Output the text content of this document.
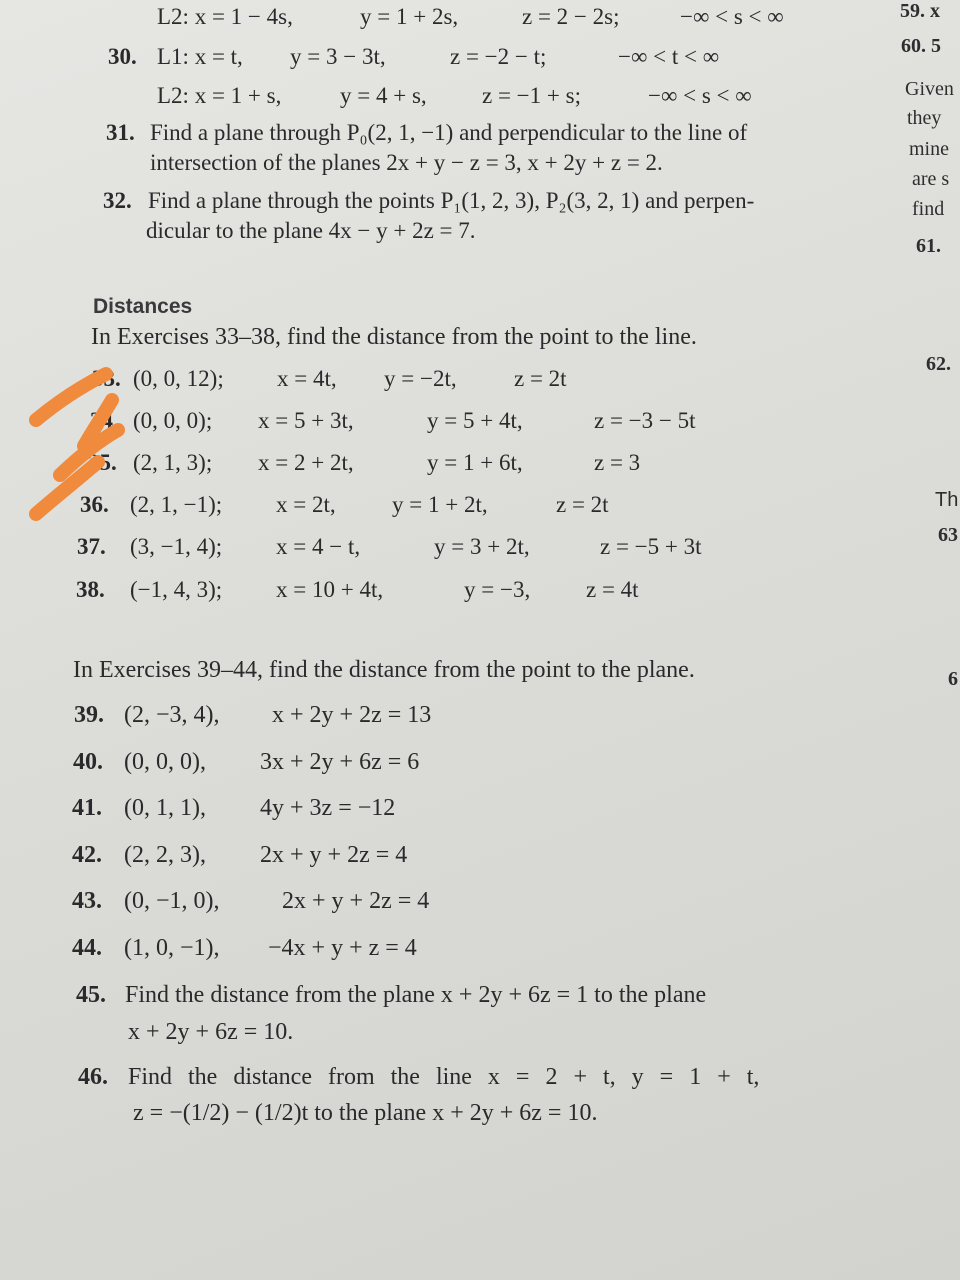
L2: x = 1 − 4s,	y = 1 + 2s,	z = 2 − 2s;	−∞ < s < ∞
30. L1: x = t, y = 3 − 3t,	z = −2 − t;	−∞ < t < ∞
L2: x = 1 + s,	y = 4 + s, z = −1 + s;	−∞ < s < ∞
31. Find a plane through P₀(2, 1, −1) and perpendicular to the line of
intersection of the planes 2x + y − z = 3, x + 2y + z = 2.
32. Find a plane through the points P₁(1, 2, 3), P₂(3, 2, 1) and perpen-
dicular to the plane 4x − y + 2z = 7.
Distances
In Exercises 33–38, find the distance from the point to the line.
33. (0, 0, 12); x = 4t, y = −2t, z = 2t
34. (0, 0, 0); x = 5 + 3t,	y = 5 + 4t,	z = −3 − 5t
35. (2, 1, 3); x = 2 + 2t,	y = 1 + 6t,	z = 3
36. (2, 1, −1); x = 2t, y = 1 + 2t,	z = 2t
37.	(3, −1, 4); x = 4 − t,	y = 3 + 2t,	z = −5 + 3t
38.	(−1, 4, 3); x = 10 + 4t,	y = −3, z = 4t
In Exercises 39–44, find the distance from the point to the plane.
39. (2, −3, 4), x + 2y + 2z = 13
40. (0, 0, 0), 3x + 2y + 6z = 6
41. (0, 1, 1), 4y + 3z = −12
42. (2, 2, 3), 2x + y + 2z = 4
43. (0, −1, 0),	2x + y + 2z = 4
44. (1, 0, −1), −4x + y + z = 4
45. Find the distance from the plane x + 2y + 6z = 1 to the plane
x + 2y + 6z = 10.
46. Find the distance from the line x = 2 + t, y = 1 + t,
z = −(1/2) − (1/2)t to the plane x + 2y + 6z = 10.
59. x
60. 5
Given
they
mine
are s
find
61.
62.
Th
63
6
